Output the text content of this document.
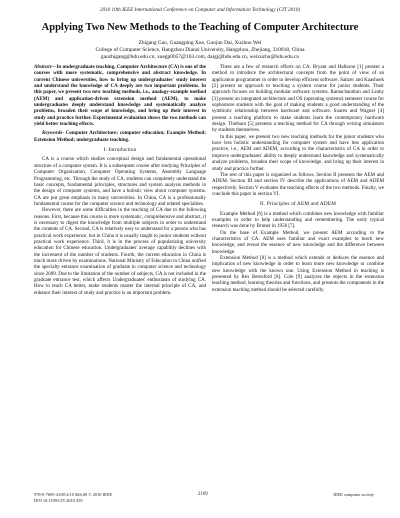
2010 10th IEEE International Conference on Computer and Information Technology (CIT 2010)
Applying Two New Methods to the Teaching of Computer Architecture
Zhigang Gao, Guangping Xue, Guojun Dai, Xuzhou Wei
College of Computer Science, Hangzhou Dianzi University, Hangzhou, Zhejiang, 310018, China
gaozhigang@hdu.edu.cn, xuegp0057@163.com, daigj@hdu.edu.cn, weixuzhu@hdu.edu.cn

Abstract—In undergraduate teaching, Computer Architecture (CA) is one of the courses with more systematic, comprehensive and abstract knowledge. In current Chinese universities, how to bring up undergraduates' study interest and understand the knowledge of CA deeply are two important problems. In this paper, we present two new teaching methods, i.e., analogy-example method (AEM) and application-driven extension method (AEM), to make undergraduates deeply understand knowledge and systematically analyze problems, broaden their scope of knowledge, and bring up their interest in study and practice further. Experimental evaluation shows the two methods can yield better teaching effects.

Keywords- Computer Architecture; computer education; Example Method; Extension Method; undergraduate teaching.

I. Introduction

CA is a course which studies conceptual design and fundamental operational structure of a computer system. It is a subsequent course after studying Principles of Computer Organization, Computer Operating Systems, Assembly Language Programming, etc. Through the study of CA, students can completely understand the basic concepts, fundamental principles, structures and system analysis methods in the design of computer systems, and have a holistic view about computer systems. CA are put great emphasis in many universities. In China, CA is a professionally fundamental course for the computer science and technology and related specialties.

However, there are some difficulties in the teaching of CA due to the following reasons. First, because this course is more systematic, comprehensive and abstract, it is necessary to digest the knowledge from multiple subjects in order to understand the contents of CA. Second, CA is relatively easy to understand for a person who has practical work experience, but in China it is usually taught to junior students without practical work experience. Third, it is in the process of popularizing university education for Chinese education. Undergraduates' average capability declines with the increment of the number of students. Fourth, the current education in China is much more driven by examinations. National Ministry of Education in China unified the specialty entrance examination of graduate in computer science and technology since 2009. Due to the limitation of the number of subjects, CA is not included in the graduate entrance test, which affects Undergraduates' enthusiasm of studying CA. How to teach CA better, make students master the internal principle of CA, and enhance their interest of study and practice is an important problem.

There are a few of research efforts on CA. Bryant and Hallaron [1] present a method to introduce the architectural concepts from the point of view of an application programmer in order to develop efficient software. Saltzer and Kaashoek [2] present an approach to teaching a system course for junior students. Their approach focuses on building modular software systems. Ramachandran and Leahy [3] present an integrated architecture and OS (operating systems) semester course for sophomore students with the goal of making students a good understanding of the symbiotic relationship between hardware and software. Soares and Wagner [4] present a teaching platform to make students learn the contemporary hardware design. Thiebaut [5] presents a teaching method for CA through writing simulators by students themselves.

In this paper, we present two new teaching methods for the junior students who have less holistic understanding for computer system and have less application practice, i.e., AEM and ADEM, according to the characteristics of CA in order to improve undergraduates' ability to deeply understand knowledge and systematically analyze problems, broaden their scope of knowledge, and bring up their interest in study and practice further.

The rest of this paper is organized as follows. Section II presents the AEM and ADEM. Section III and section IV describe the applications of AEM and ADEM respectively. Section V evaluates the teaching effects of the two methods. Finally, we conclude this paper in section VI.

II. Principles of AEM and ADEM

Example Method [6] is a method which combines new knowledge with familiar examples in order to help understanding and remembering. The early typical research was done by Bruner in 1956 [7].

On the base of Example Method, we present AEM according to the characteristics of CA. AEM uses familiar and exact examples to teach new knowledge, and reveal the essence of new knowledge and the difference between knowledge.

Extension Method [8] is a method which extends or deduces the essence and implication of new knowledge in order to learn more new knowledge or combine new knowledge with the known one. Using Extension Method in teaching is presented by Rex Beresford [8]. Cole [9] analyzes the objects in the extension teaching method, learning theories and functions, and presents the components in the extension teaching method should be selected carefully.

978-0-7695-4108-2/10 $26.00 © 2010 IEEE
DOI 10.1109/CIT.2010.359
2169	IEEE computer society
